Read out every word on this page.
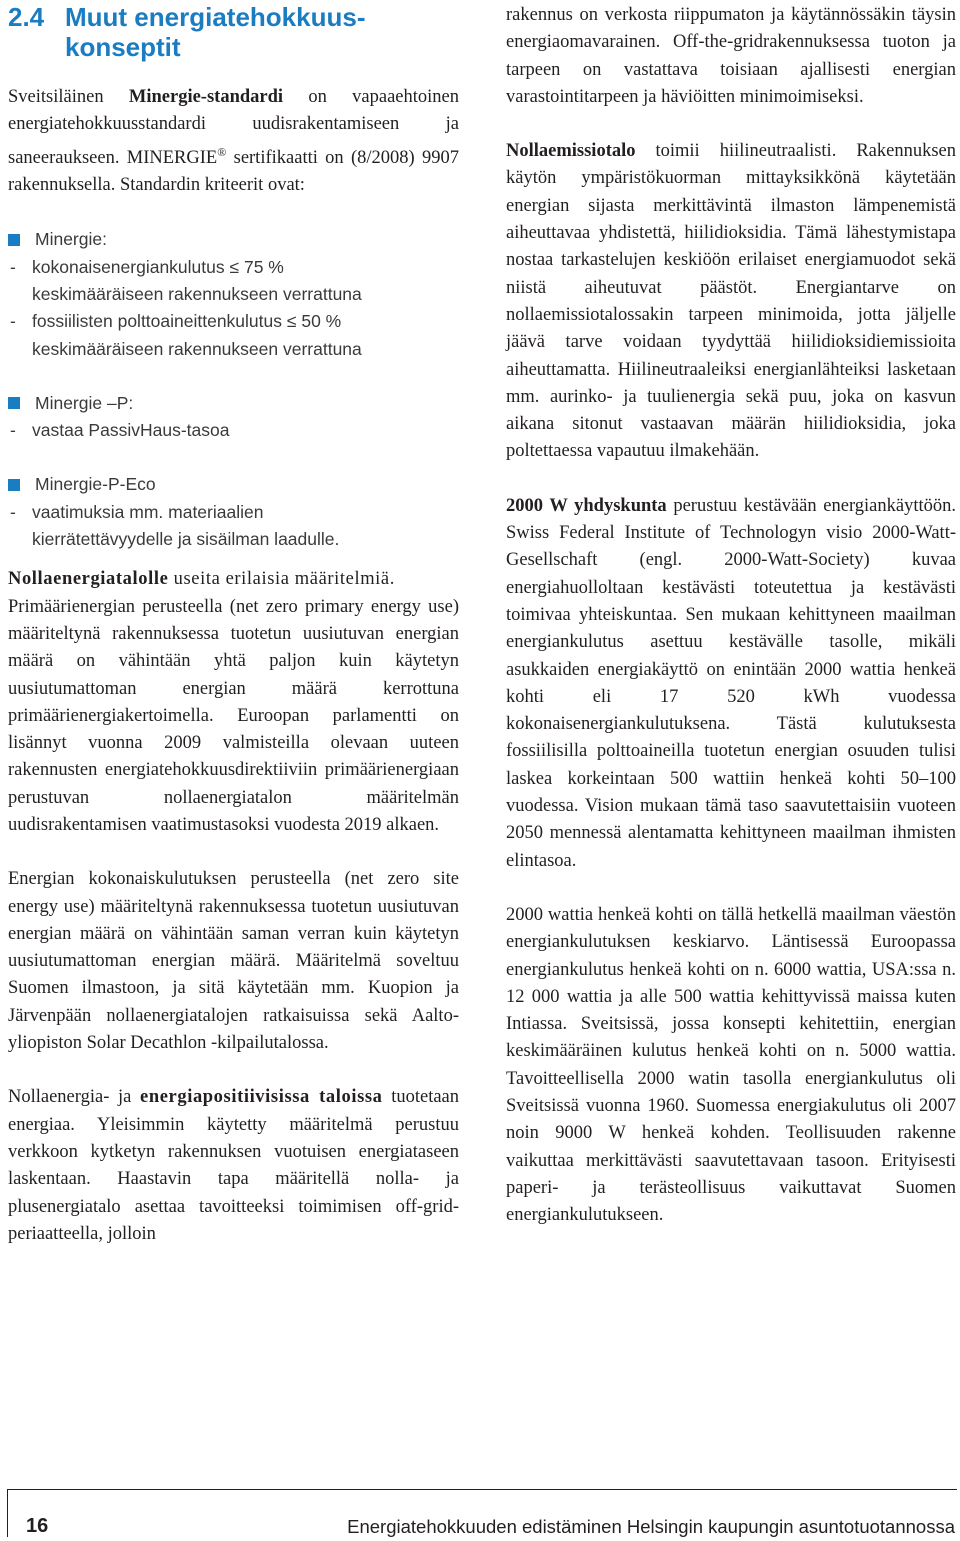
2.4 Muut energiatehokkuus-
konseptit

Sveitsiläinen Minergie-standardi on vapaaehtoinen energiatehokkuusstandardi uudisrakentamiseen ja saneeraukseen. MINERGIE® sertifikaatti on (8/2008) 9907 rakennuksella. Standardin kriteerit ovat:

Minergie:
- kokonaisenergiankulutus ≤ 75 %
keskimääräiseen rakennukseen verrattuna
- fossiilisten polttoaineittenkulutus ≤ 50 %
keskimääräiseen rakennukseen verrattuna
Minergie –P:
- vastaa PassivHaus-tasoa
Minergie-P-Eco
- vaatimuksia mm. materiaalien
kierrätettävyydelle ja sisäilman laadulle.

Nollaenergiatalolle useita erilaisia määritelmiä.

Primäärienergian perusteella (net zero primary energy use) määriteltynä rakennuksessa tuotetun uusiutuvan energian määrä on vähintään yhtä paljon kuin käytetyn uusiutumattoman energian määrä kerrottuna primäärienergiakertoimella. Euroopan parlamentti on lisännyt vuonna 2009 valmisteilla olevaan uuteen rakennusten energiatehokkuusdirektiiviin primäärienergiaan perustuvan nollaenergiatalon määritelmän uudisrakentamisen vaatimustasoksi vuodesta 2019 alkaen.

Energian kokonaiskulutuksen perusteella (net zero site energy use) määriteltynä rakennuksessa tuotetun uusiutuvan energian määrä on vähintään saman verran kuin käytetyn uusiutumattoman energian määrä. Määritelmä soveltuu Suomen ilmastoon, ja sitä käytetään mm. Kuopion ja Järvenpään nollaenergiatalojen ratkaisuissa sekä Aalto-yliopiston Solar Decathlon -kilpailutalossa.

Nollaenergia- ja energiapositiivisissa taloissa tuotetaan energiaa. Yleisimmin käytetty määritelmä perustuu verkkoon kytketyn rakennuksen vuotuisen energiataseen laskentaan. Haastavin tapa määritellä nolla- ja plusenergiatalo asettaa tavoitteeksi toimimisen off-grid-periaatteella, jolloin

rakennus on verkosta riippumaton ja käytännössäkin täysin energiaomavarainen. Off-the-gridrakennuksessa tuoton ja tarpeen on vastattava toisiaan ajallisesti energian varastointitarpeen ja häviöitten minimoimiseksi.

Nollaemissiotalo toimii hiilineutraalisti. Rakennuksen käytön ympäristökuorman mittayksikkönä käytetään energian sijasta merkittävintä ilmaston lämpenemistä aiheuttavaa yhdistettä, hiilidioksidia. Tämä lähestymistapa nostaa tarkastelujen keskiöön erilaiset energiamuodot sekä niistä aiheutuvat päästöt. Energiantarve on nollaemissiotalossakin tarpeen minimoida, jotta jäljelle jäävä tarve voidaan tyydyttää hiilidioksidiemissioita aiheuttamatta. Hiilineutraaleiksi energianlähteiksi lasketaan mm. aurinko- ja tuulienergia sekä puu, joka on kasvun aikana sitonut vastaavan määrän hiilidioksidia, joka poltettaessa vapautuu ilmakehään.

2000 W yhdyskunta perustuu kestävään energiankäyttöön. Swiss Federal Institute of Technologyn visio 2000-Watt-Gesellschaft (engl. 2000-Watt-Society) kuvaa energiahuolloltaan kestävästi toteutettua ja kestävästi toimivaa yhteiskuntaa. Sen mukaan kehittyneen maailman energiankulutus asettuu kestävälle tasolle, mikäli asukkaiden energiakäyttö on enintään 2000 wattia henkeä kohti eli 17 520 kWh vuodessa kokonaisenergiankulutuksena. Tästä kulutuksesta fossiilisilla polttoaineilla tuotetun energian osuuden tulisi laskea korkeintaan 500 wattiin henkeä kohti 50–100 vuodessa. Vision mukaan tämä taso saavutettaisiin vuoteen 2050 mennessä alentamatta kehittyneen maailman ihmisten elintasoa.

2000 wattia henkeä kohti on tällä hetkellä maailman väestön energiankulutuksen keskiarvo. Läntisessä Euroopassa energiankulutus henkeä kohti on n. 6000 wattia, USA:ssa n. 12 000 wattia ja alle 500 wattia kehittyvissä maissa kuten Intiassa. Sveitsissä, jossa konsepti kehitettiin, energian keskimääräinen kulutus henkeä kohti on n. 5000 wattia. Tavoitteellisella 2000 watin tasolla energiankulutus oli Sveitsissä vuonna 1960. Suomessa energiakulutus oli 2007 noin 9000 W henkeä kohden. Teollisuuden rakenne vaikuttaa merkittävästi saavutettavaan tasoon. Erityisesti paperi- ja terästeollisuus vaikuttavat Suomen energiankulutukseen.

16	Energiatehokkuuden edistäminen Helsingin kaupungin asuntotuotannossa
